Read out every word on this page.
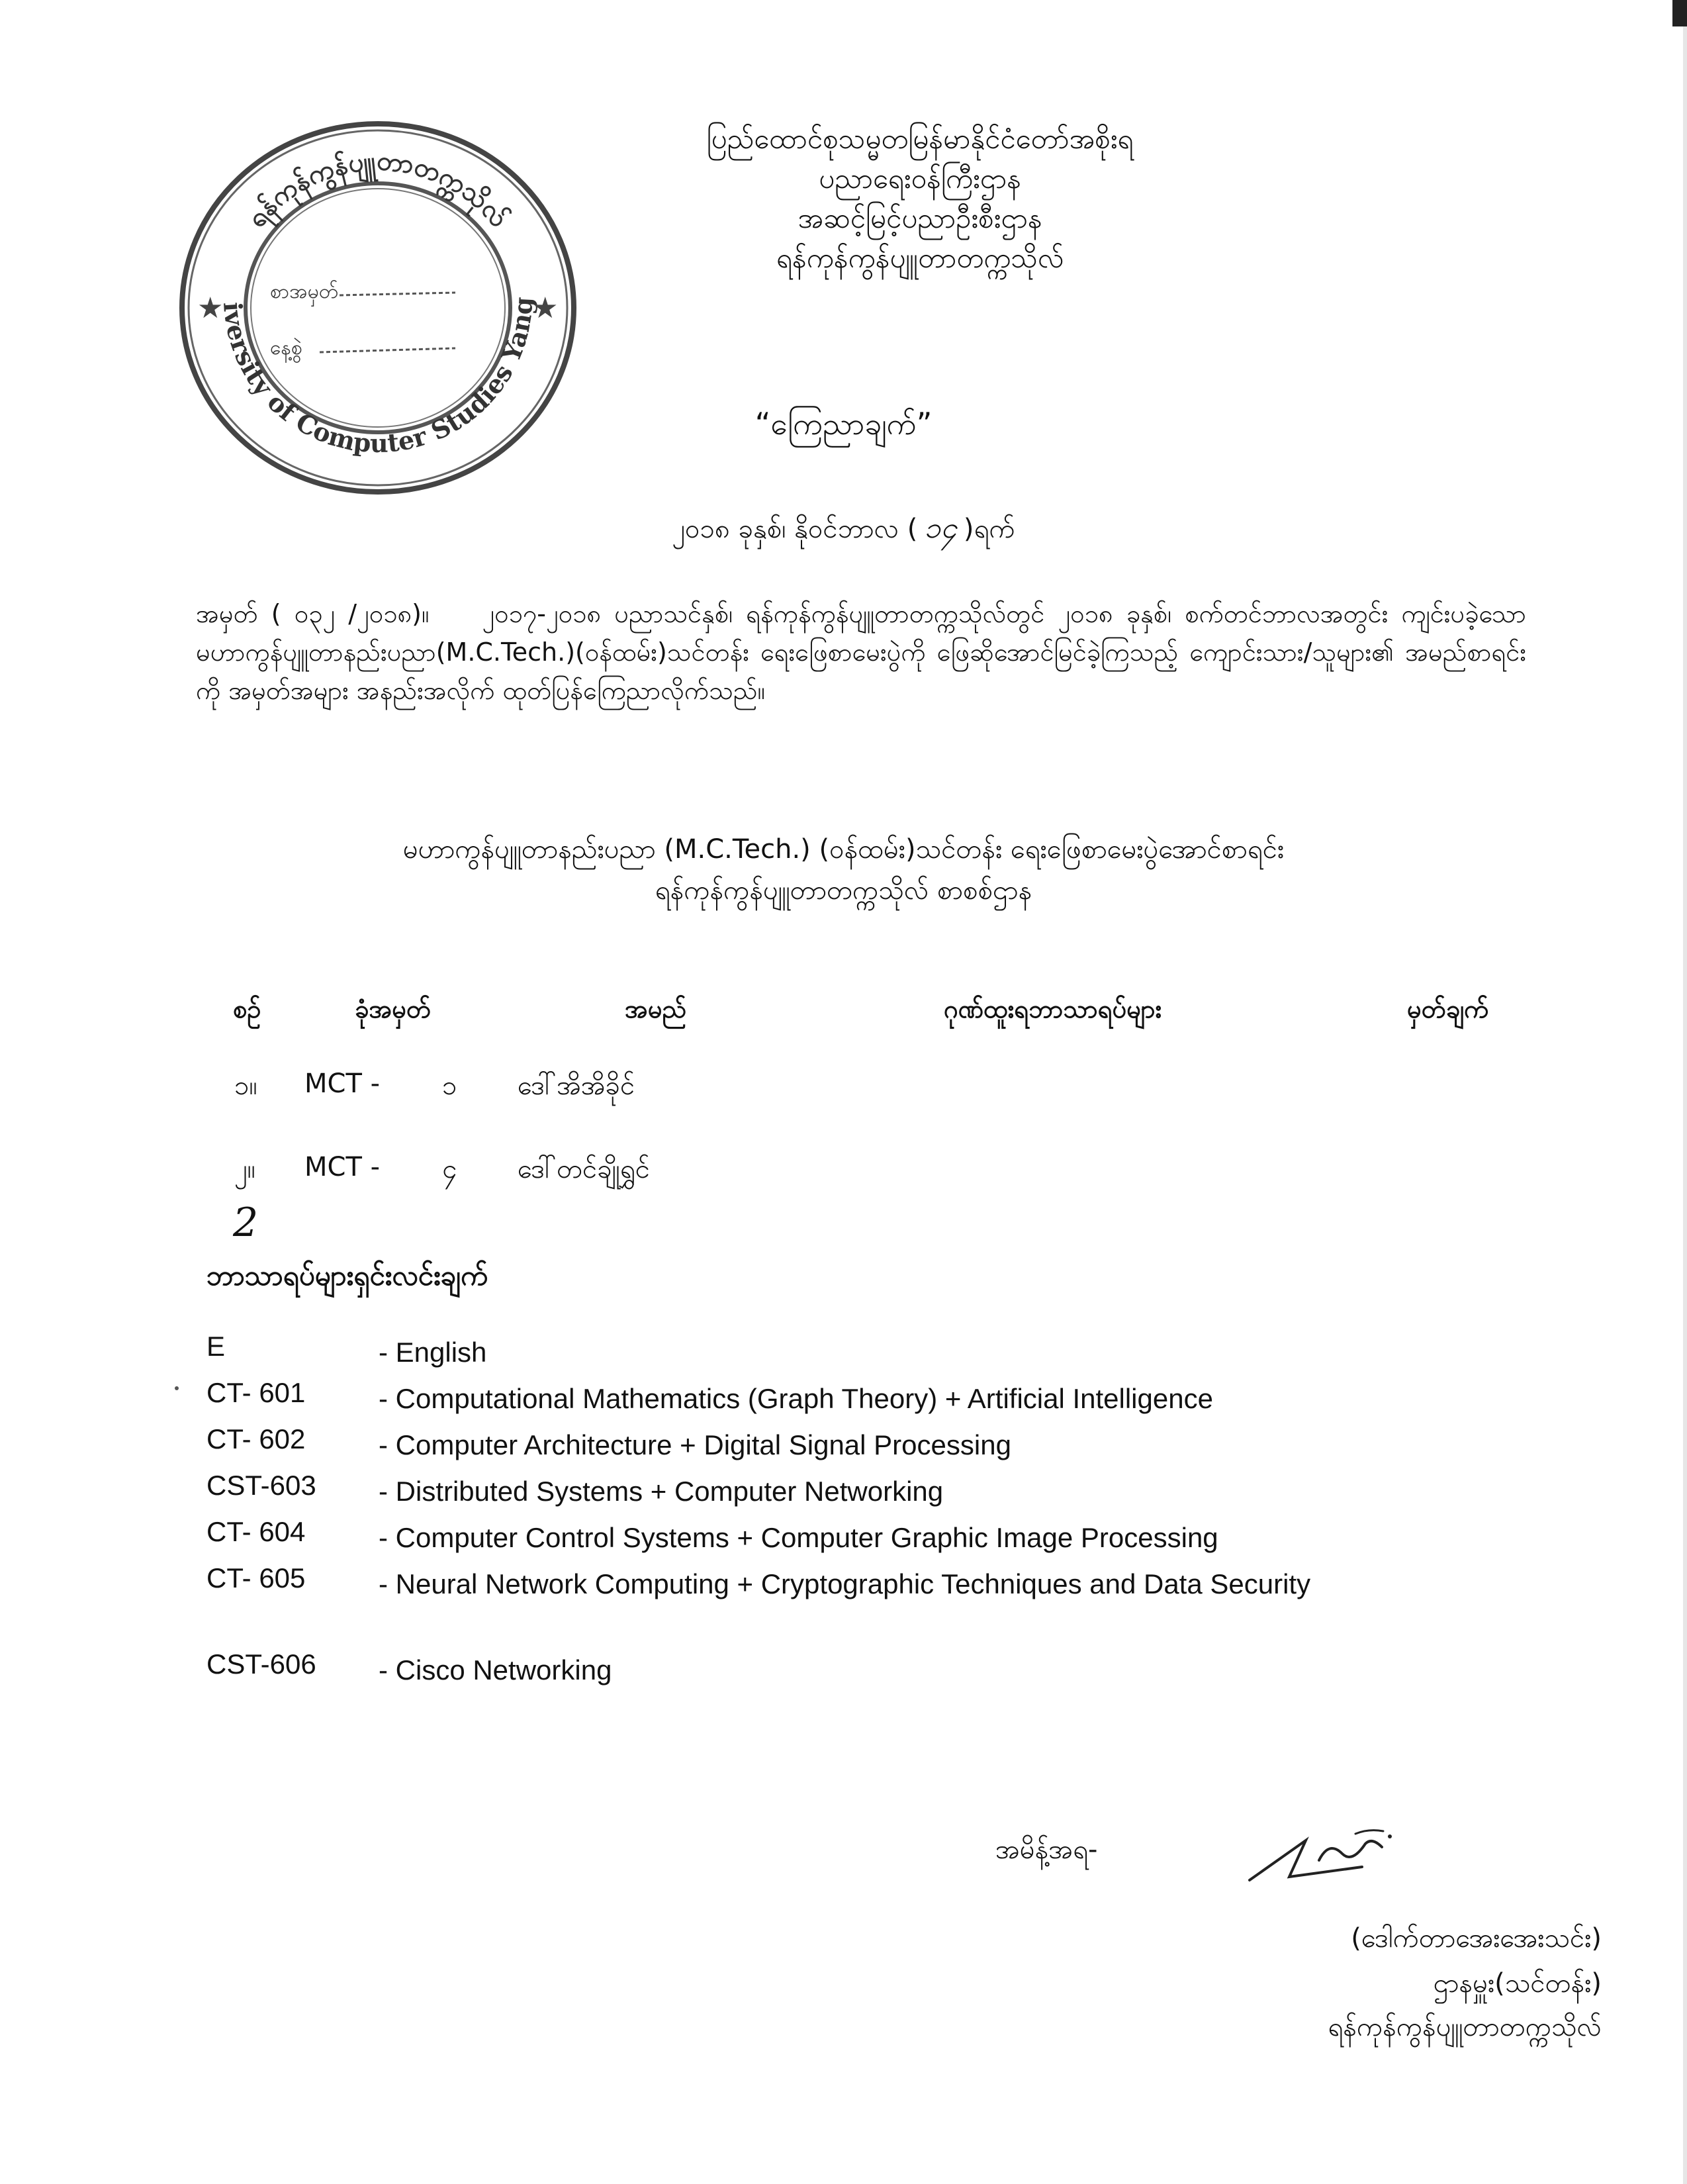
ရန်ကုန်ကွန်ပျူတာတက္ကသိုလ်
iversity of Computer Studies Yang
★	★
စာအမှတ်
နေ့စွဲ
ပြည်ထောင်စုသမ္မတမြန်မာနိုင်ငံတော်အစိုးရ
ပညာရေးဝန်ကြီးဌာန
အဆင့်မြင့်ပညာဦးစီးဌာန
ရန်ကုန်ကွန်ပျူတာတက္ကသိုလ်
“ကြေညာချက်”
၂၀၁၈ ခုနှစ်၊ နိုဝင်ဘာလ ( ၁၄ )ရက်
အမှတ် ( ၀၃၂ /၂၀၁၈)။ ၂၀၁၇-၂၀၁၈ ပညာသင်နှစ်၊ ရန်ကုန်ကွန်ပျူတာတက္ကသိုလ်တွင် ၂၀၁၈ ခုနှစ်၊ စက်တင်ဘာလအတွင်း ကျင်းပခဲ့သော မဟာကွန်ပျူတာနည်းပညာ(M.C.Tech.)(ဝန်ထမ်း)သင်တန်း ရေးဖြေစာမေးပွဲကို ဖြေဆိုအောင်မြင်ခဲ့ကြသည့် ကျောင်းသား/သူများ၏ အမည်စာရင်းကို အမှတ်အများ အနည်းအလိုက် ထုတ်ပြန်ကြေညာလိုက်သည်။
မဟာကွန်ပျူတာနည်းပညာ (M.C.Tech.) (ဝန်ထမ်း)သင်တန်း ရေးဖြေစာမေးပွဲအောင်စာရင်း
ရန်ကုန်ကွန်ပျူတာတက္ကသိုလ် စာစစ်ဌာန
စဉ်	ခုံအမှတ်	အမည်	ဂုဏ်ထူးရဘာသာရပ်များ	မှတ်ချက်
၁။ MCT - ၁ ဒေါ်အိအိခိုင်
၂။ MCT - ၄ ဒေါ်တင်ချိုရွှင်
2
ဘာသာရပ်များရှင်းလင်းချက်
E	- English
CT- 601	- Computational Mathematics (Graph Theory) + Artificial Intelligence
CT- 602	- Computer Architecture + Digital Signal Processing
CST-603 - Distributed Systems + Computer Networking
CT- 604	- Computer Control Systems + Computer Graphic Image Processing
CT- 605	- Neural Network Computing + Cryptographic Techniques and Data Security
CST-606 - Cisco Networking
အမိန့်အရ-
(ဒေါက်တာအေးအေးသင်း)
ဌာနမှူး(သင်တန်း)
ရန်ကုန်ကွန်ပျူတာတက္ကသိုလ်
